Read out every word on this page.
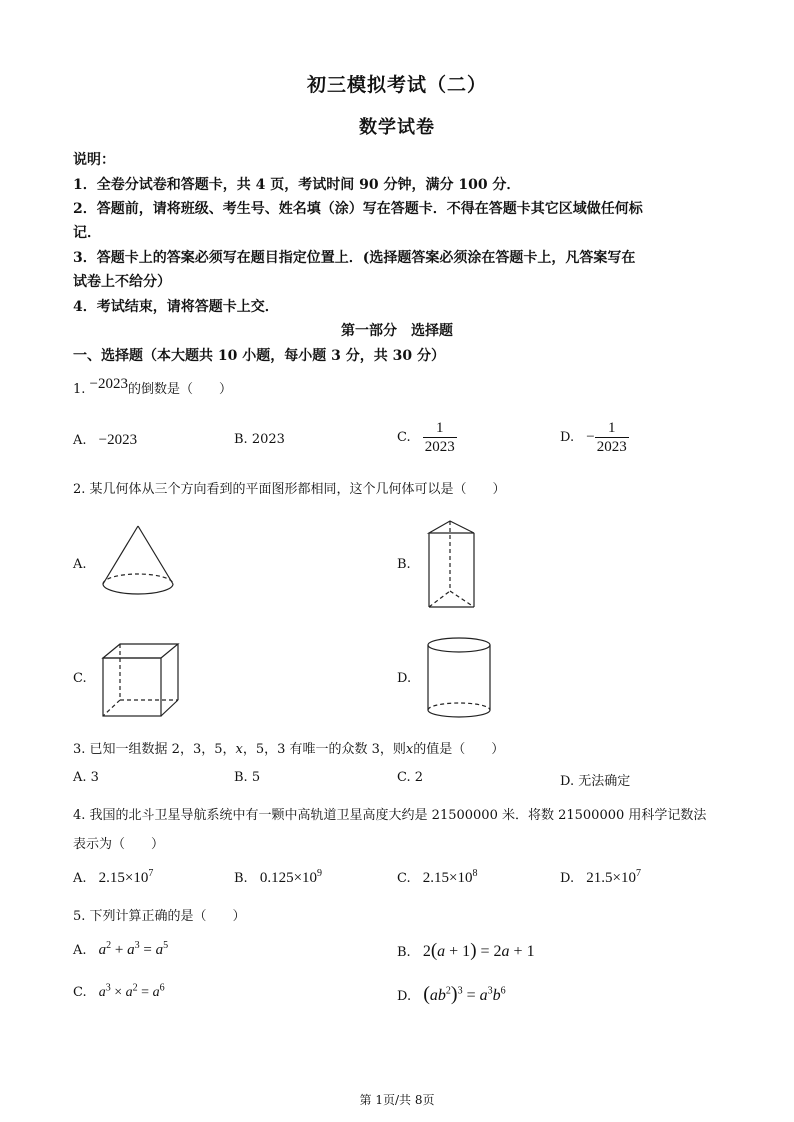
初三模拟考试（二）
数学试卷
说明：
1．全卷分试卷和答题卡，共 4 页，考试时间 90 分钟，满分 100 分．
2．答题前，请将班级、考生号、姓名填（涂）写在答题卡．不得在答题卡其它区域做任何标
记．
3．答题卡上的答案必须写在题目指定位置上．(选择题答案必须涂在答题卡上，凡答案写在
试卷上不给分）
4．考试结束，请将答题卡上交．
第一部分　选择题
一、选择题（本大题共 10 小题，每小题 3 分，共 30 分）
1. −2023的倒数是（　　）
A. −2023	B. 2023	C. $\frac{1}{2023}$	D. − $\frac{1}{2023}$
2. 某几何体从三个方向看到的平面图形都相同，这个几何体可以是（　　）
A.	B.
C.	D.
3. 已知一组数据 2，3，5，x，5，3 有唯一的众数 3，则x的值是（　　）
A. 3	B. 5	C. 2	D. 无法确定
4. 我国的北斗卫星导航系统中有一颗中高轨道卫星高度大约是 21500000 米．将数 21500000 用科学记数法
表示为（　　）
A. $2.15\times 10^7$	B. $0.125\times 10^9$	C. $2.15\times 10^8$	D. $21.5\times 10^7$
5. 下列计算正确的是（　　）
A. $a^2 + a^3 = a^5$	B. 2(a + 1) = 2a + 1
C. $a^3 \times a^2 = a^6$
D. $(ab^2)^3 = a^3b^6$
第 1页/共 8页
